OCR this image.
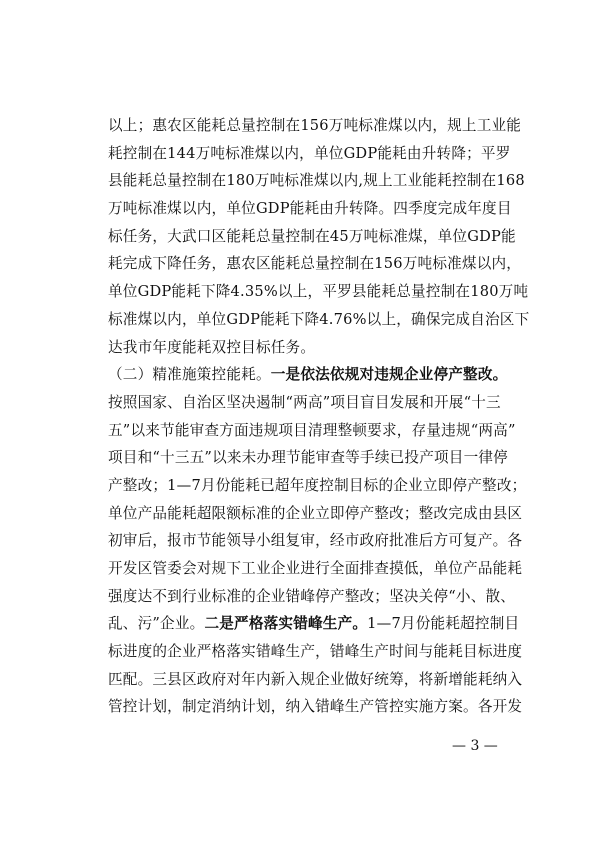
以上；惠农区能耗总量控制在156万吨标准煤以内，规上工业能
耗控制在144万吨标准煤以内，单位GDP能耗由升转降；平罗
县能耗总量控制在180万吨标准煤以内,规上工业能耗控制在168
万吨标准煤以内，单位GDP能耗由升转降。四季度完成年度目
标任务，大武口区能耗总量控制在45万吨标准煤，单位GDP能
耗完成下降任务，惠农区能耗总量控制在156万吨标准煤以内，
单位GDP能耗下降4.35%以上，平罗县能耗总量控制在180万吨
标准煤以内，单位GDP能耗下降4.76%以上，确保完成自治区下
达我市年度能耗双控目标任务。
（二）精准施策控能耗。一是依法依规对违规企业停产整改。
按照国家、自治区坚决遏制“两高”项目盲目发展和开展“十三
五”以来节能审查方面违规项目清理整顿要求，存量违规“两高”
项目和“十三五”以来未办理节能审查等手续已投产项目一律停
产整改；1—7月份能耗已超年度控制目标的企业立即停产整改；
单位产品能耗超限额标准的企业立即停产整改；整改完成由县区
初审后，报市节能领导小组复审，经市政府批准后方可复产。各
开发区管委会对规下工业企业进行全面排查摸低，单位产品能耗
强度达不到行业标准的企业错峰停产整改；坚决关停“小、散、
乱、污”企业。二是严格落实错峰生产。1—7月份能耗超控制目
标进度的企业严格落实错峰生产，错峰生产时间与能耗目标进度
匹配。三县区政府对年内新入规企业做好统筹，将新增能耗纳入
管控计划，制定消纳计划，纳入错峰生产管控实施方案。各开发
— 3 —
